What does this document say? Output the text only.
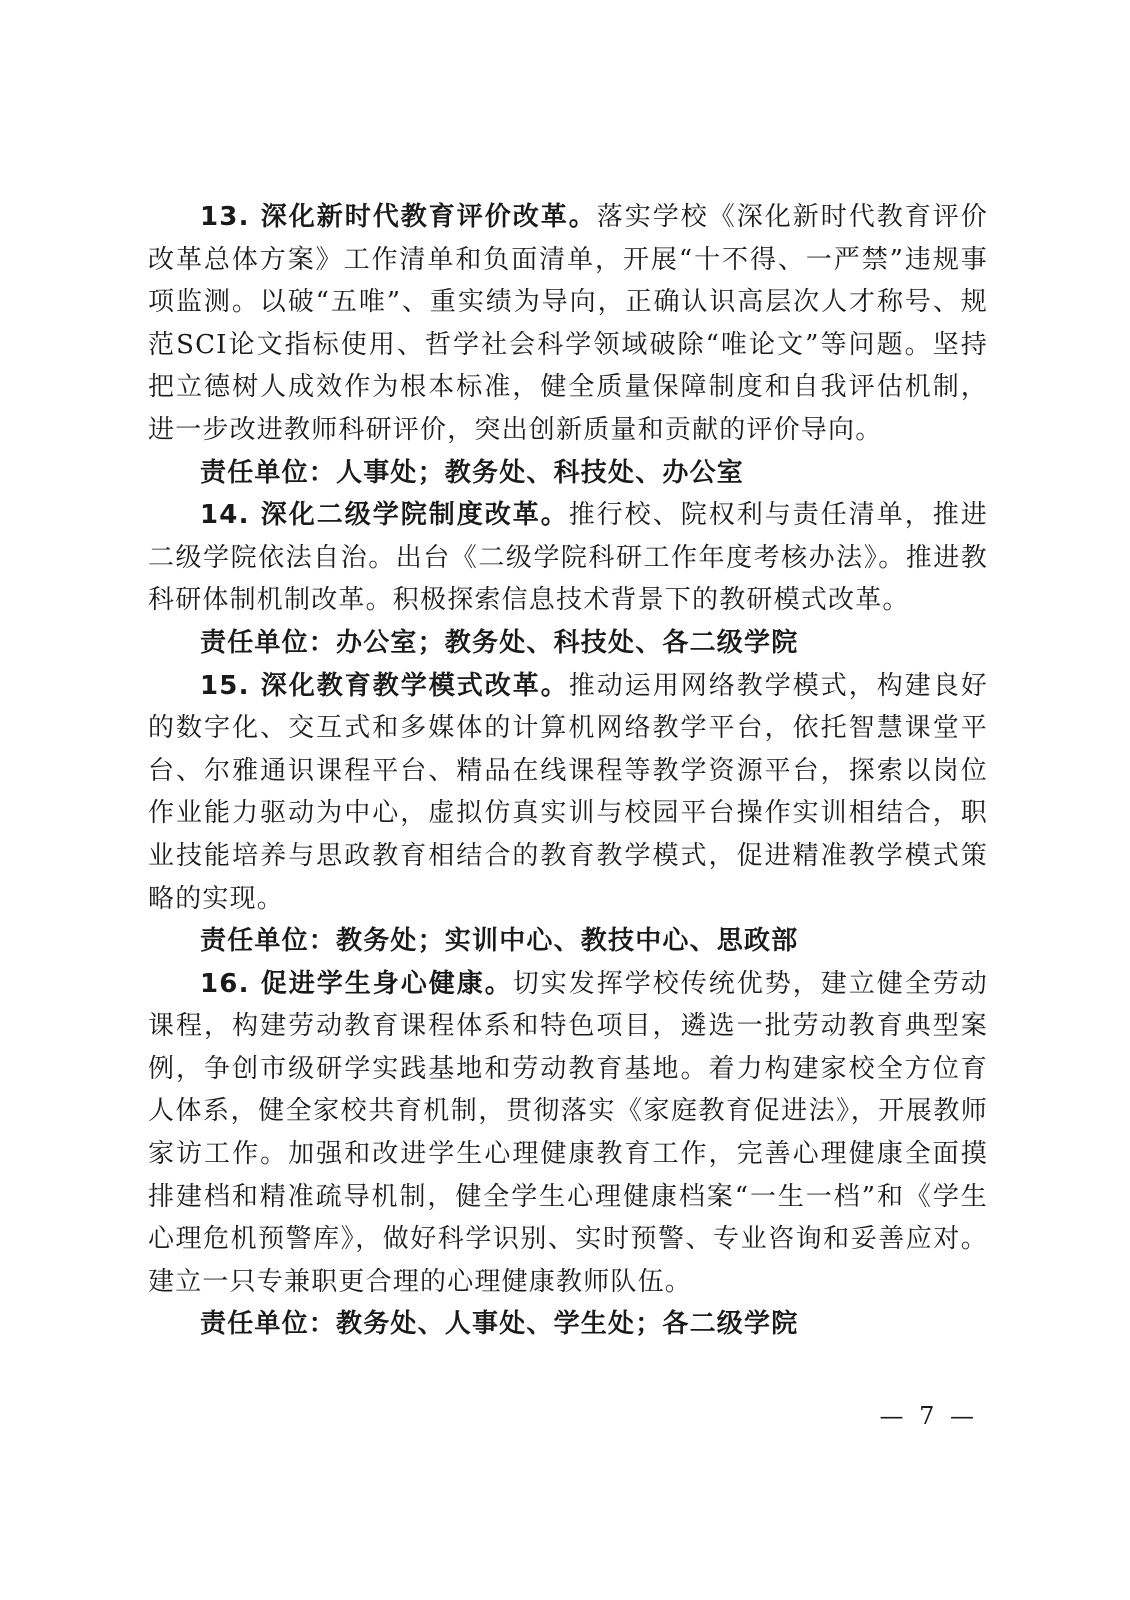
13. 深化新时代教育评价改革。落实学校《深化新时代教育评价改革总体方案》工作清单和负面清单，开展“十不得、一严禁”违规事项监测。以破“五唯”、重实绩为导向，正确认识高层次人才称号、规范SCI论文指标使用、哲学社会科学领域破除“唯论文”等问题。坚持把立德树人成效作为根本标准，健全质量保障制度和自我评估机制，进一步改进教师科研评价，突出创新质量和贡献的评价导向。

责任单位：人事处；教务处、科技处、办公室

14. 深化二级学院制度改革。推行校、院权利与责任清单，推进二级学院依法自治。出台《二级学院科研工作年度考核办法》。推进教科研体制机制改革。积极探索信息技术背景下的教研模式改革。

责任单位：办公室；教务处、科技处、各二级学院

15. 深化教育教学模式改革。推动运用网络教学模式，构建良好的数字化、交互式和多媒体的计算机网络教学平台，依托智慧课堂平台、尔雅通识课程平台、精品在线课程等教学资源平台，探索以岗位作业能力驱动为中心，虚拟仿真实训与校园平台操作实训相结合，职业技能培养与思政教育相结合的教育教学模式，促进精准教学模式策略的实现。

责任单位：教务处；实训中心、教技中心、思政部

16. 促进学生身心健康。切实发挥学校传统优势，建立健全劳动课程，构建劳动教育课程体系和特色项目，遴选一批劳动教育典型案例，争创市级研学实践基地和劳动教育基地。着力构建家校全方位育人体系，健全家校共育机制，贯彻落实《家庭教育促进法》，开展教师家访工作。加强和改进学生心理健康教育工作，完善心理健康全面摸排建档和精准疏导机制，健全学生心理健康档案“一生一档”和《学生心理危机预警库》，做好科学识别、实时预警、专业咨询和妥善应对。建立一只专兼职更合理的心理健康教师队伍。

责任单位：教务处、人事处、学生处；各二级学院

— 7 —
